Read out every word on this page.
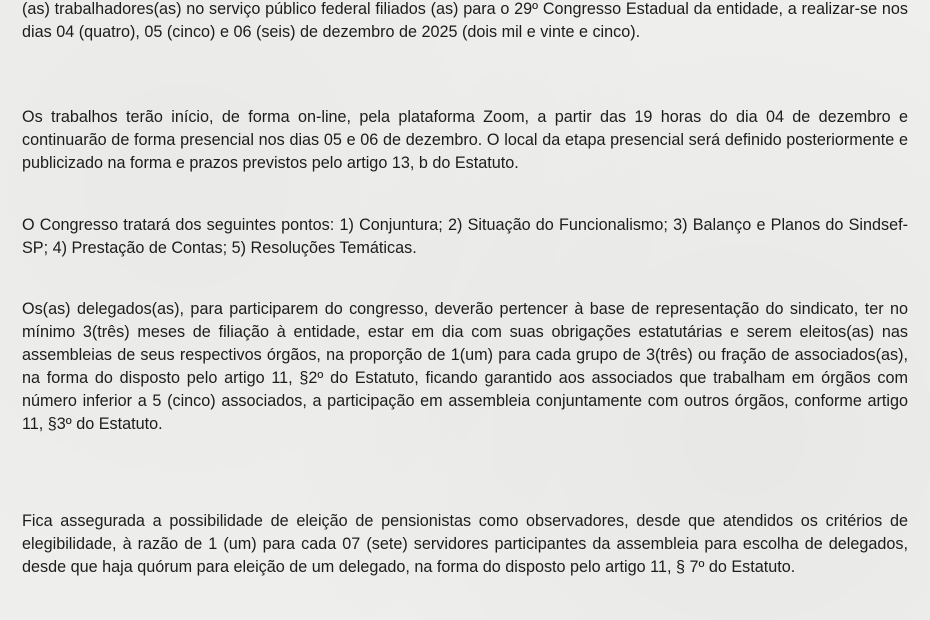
(as) trabalhadores(as) no serviço público federal filiados (as) para o 29º Congresso Estadual da entidade, a realizar-se nos dias 04 (quatro), 05 (cinco) e 06 (seis) de dezembro de 2025 (dois mil e vinte e cinco).

Os trabalhos terão início, de forma on-line, pela plataforma Zoom, a partir das 19 horas do dia 04 de dezembro e continuarão de forma presencial nos dias 05 e 06 de dezembro. O local da etapa presencial será definido posteriormente e publicizado na forma e prazos previstos pelo artigo 13, b do Estatuto.

O Congresso tratará dos seguintes pontos: 1) Conjuntura; 2) Situação do Funcionalismo; 3) Balanço e Planos do Sindsef-SP; 4) Prestação de Contas; 5) Resoluções Temáticas.

Os(as) delegados(as), para participarem do congresso, deverão pertencer à base de representação do sindicato, ter no mínimo 3(três) meses de filiação à entidade, estar em dia com suas obrigações estatutárias e serem eleitos(as) nas assembleias de seus respectivos órgãos, na proporção de 1(um) para cada grupo de 3(três) ou fração de associados(as), na forma do disposto pelo artigo 11, §2º do Estatuto, ficando garantido aos associados que trabalham em órgãos com número inferior a 5 (cinco) associados, a participação em assembleia conjuntamente com outros órgãos, conforme artigo 11, §3º do Estatuto.

Fica assegurada a possibilidade de eleição de pensionistas como observadores, desde que atendidos os critérios de elegibilidade, à razão de 1 (um) para cada 07 (sete) servidores participantes da assembleia para escolha de delegados, desde que haja quórum para eleição de um delegado, na forma do disposto pelo artigo 11, § 7º do Estatuto.
